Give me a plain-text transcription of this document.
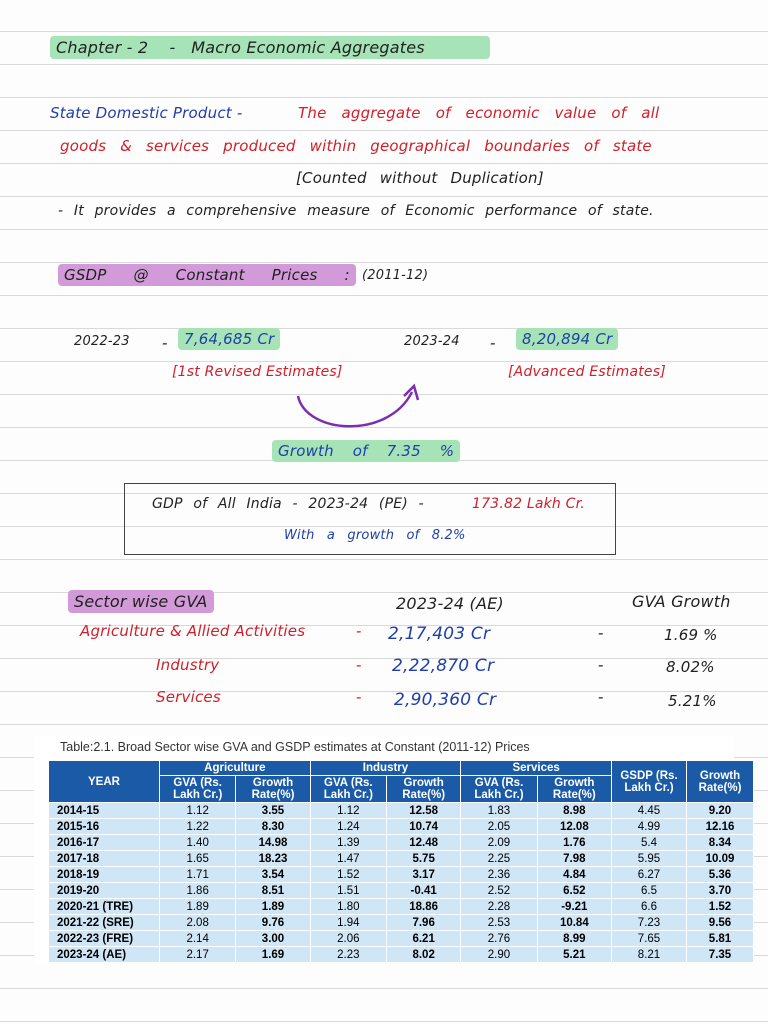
Chapter - 2 - Macro Economic Aggregates
State Domestic Product -	The aggregate of economic value of all
goods & services produced within geographical boundaries of state
[Counted without Duplication]
- It provides a comprehensive measure of Economic performance of state.
GSDP @ Constant Prices : (2011-12)
2022-23 -	7,64,685 Cr
[1st Revised Estimates]
2023-24 -	8,20,894 Cr
[Advanced Estimates]
Growth of 7.35 %
GDP of All India - 2023-24 (PE) -	173.82 Lakh Cr.
With a growth of 8.2%
Sector wise GVA	2023-24 (AE)	GVA Growth
Agriculture & Allied Activities	- 2,17,403 Cr	-	1.69 %
Industry	- 2,22,870 Cr	-	8.02%
Services	- 2,90,360 Cr	-	5.21%
Table:2.1. Broad Sector wise GVA and GSDP estimates at Constant (2011-12) Prices
YEAR	Agriculture		Industry		Services		GSDP (Rs. Lakh Cr.)	Growth Rate(%)
	GVA (Rs. Lakh Cr.)	Growth Rate(%)	GVA (Rs. Lakh Cr.)	Growth Rate(%)	GVA (Rs. Lakh Cr.)	Growth Rate(%)		
2014-15	1.12	3.55	1.12	12.58	1.83	8.98	4.45	9.20
2015-16	1.22	8.30	1.24	10.74	2.05	12.08	4.99	12.16
2016-17	1.40	14.98	1.39	12.48	2.09	1.76	5.4	8.34
2017-18	1.65	18.23	1.47	5.75	2.25	7.98	5.95	10.09
2018-19	1.71	3.54	1.52	3.17	2.36	4.84	6.27	5.36
2019-20	1.86	8.51	1.51	-0.41	2.52	6.52	6.5	3.70
2020-21 (TRE)	1.89	1.89	1.80	18.86	2.28	-9.21	6.6	1.52
2021-22 (SRE)	2.08	9.76	1.94	7.96	2.53	10.84	7.23	9.56
2022-23 (FRE)	2.14	3.00	2.06	6.21	2.76	8.99	7.65	5.81
2023-24 (AE)	2.17	1.69	2.23	8.02	2.90	5.21	8.21	7.35
